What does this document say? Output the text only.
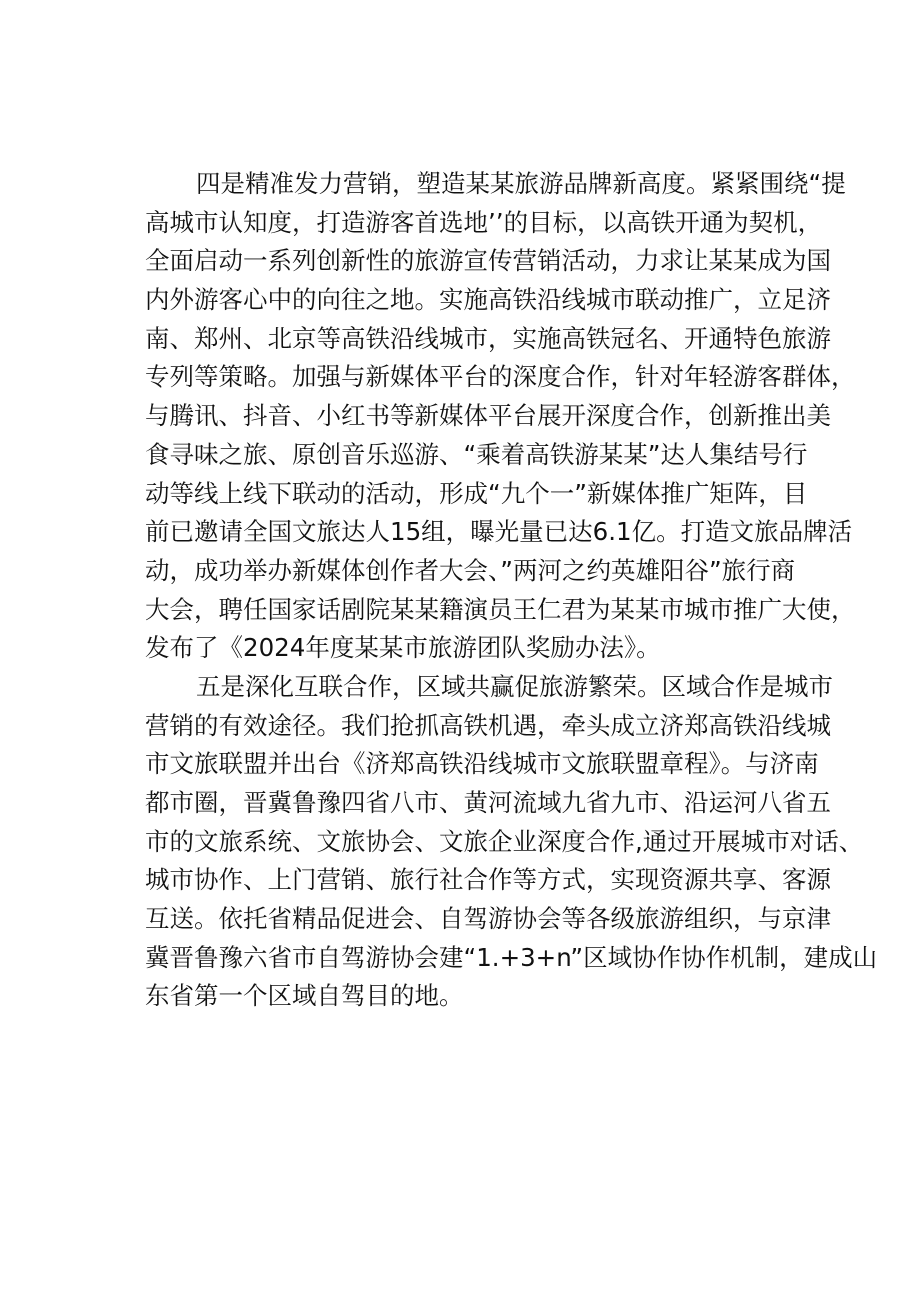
四是精准发力营销，塑造某某旅游品牌新高度。紧紧围绕“提
高城市认知度，打造游客首选地’’的目标，以高铁开通为契机，
全面启动一系列创新性的旅游宣传营销活动，力求让某某成为国
内外游客心中的向往之地。实施高铁沿线城市联动推广，立足济
南、郑州、北京等高铁沿线城市，实施高铁冠名、开通特色旅游
专列等策略。加强与新媒体平台的深度合作，针对年轻游客群体，
与腾讯、抖音、小红书等新媒体平台展开深度合作，创新推出美
食寻味之旅、原创音乐巡游、“乘着高铁游某某”达人集结号行
动等线上线下联动的活动，形成“九个一”新媒体推广矩阵，目
前已邀请全国文旅达人15组，曝光量已达6.1亿。打造文旅品牌活
动，成功举办新媒体创作者大会、”两河之约英雄阳谷”旅行商
大会，聘任国家话剧院某某籍演员王仁君为某某市城市推广大使，
发布了《2024年度某某市旅游团队奖励办法》。
五是深化互联合作，区域共赢促旅游繁荣。区域合作是城市
营销的有效途径。我们抢抓高铁机遇，牵头成立济郑高铁沿线城
市文旅联盟并出台《济郑高铁沿线城市文旅联盟章程》。与济南
都市圈，晋冀鲁豫四省八市、黄河流域九省九市、沿运河八省五
市的文旅系统、文旅协会、文旅企业深度合作,通过开展城市对话、
城市协作、上门营销、旅行社合作等方式，实现资源共享、客源
互送。依托省精品促进会、自驾游协会等各级旅游组织，与京津
冀晋鲁豫六省市自驾游协会建“1.+3+n”区域协作协作机制，建成山
东省第一个区域自驾目的地。
